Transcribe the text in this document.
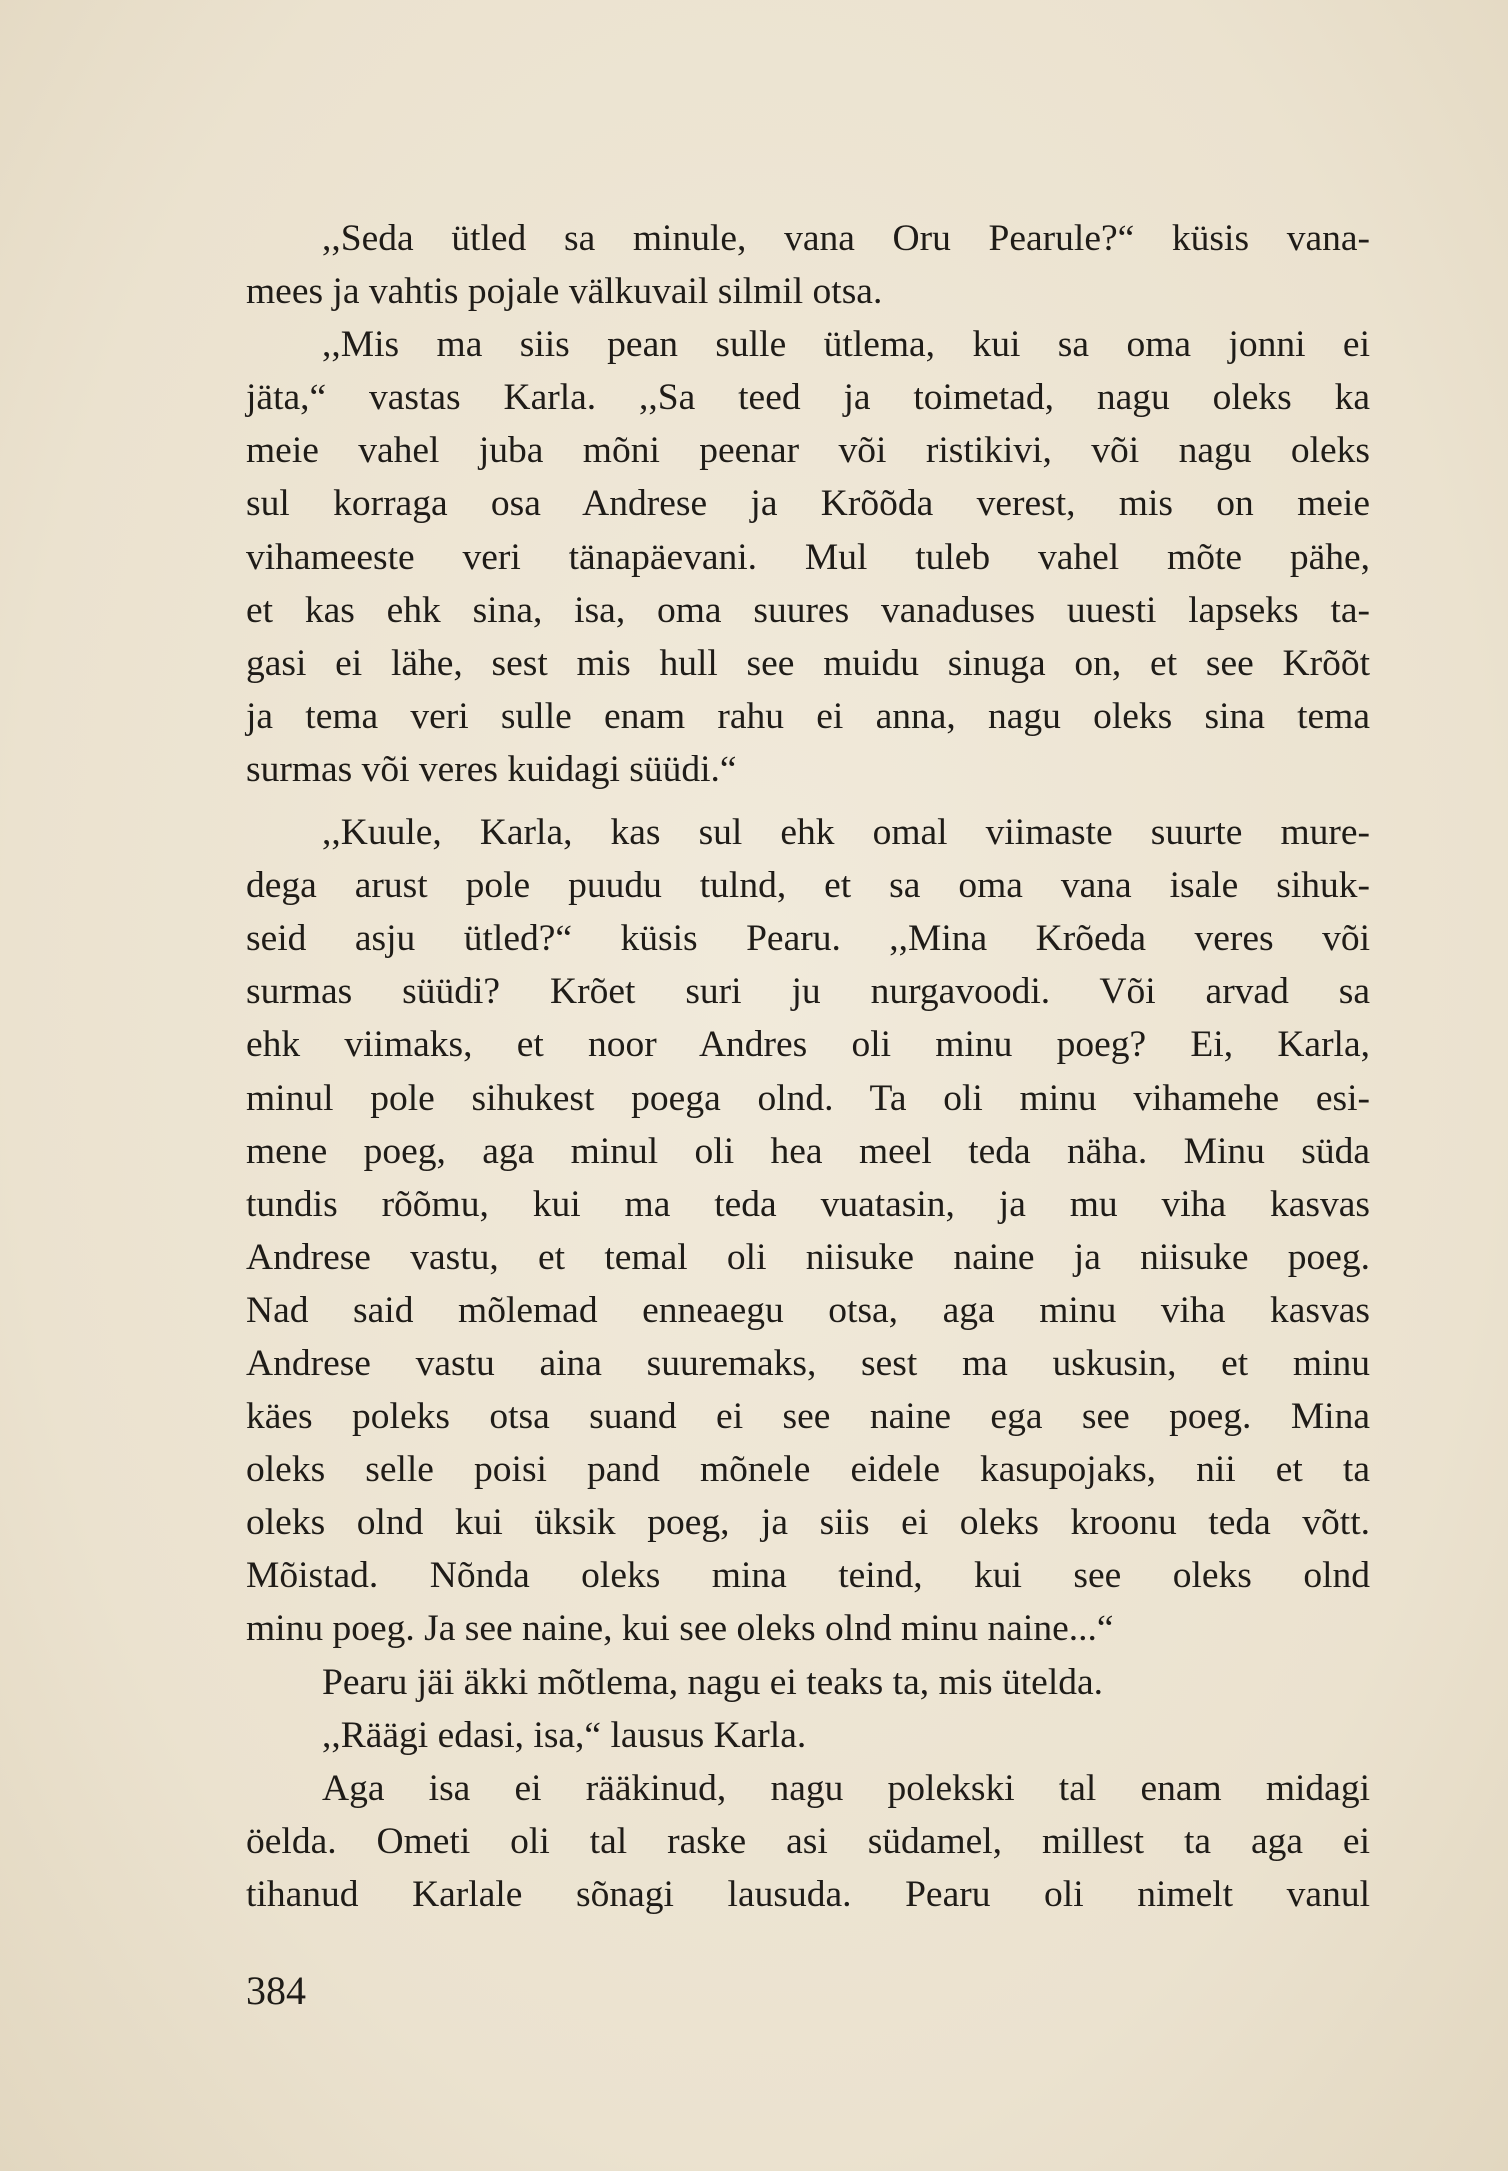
,,Seda ütled sa minule, vana Oru Pearule?“ küsis vana-
mees ja vahtis pojale välkuvail silmil otsa.
,,Mis ma siis pean sulle ütlema, kui sa oma jonni ei
jäta,“ vastas Karla. ,,Sa teed ja toimetad, nagu oleks ka
meie vahel juba mõni peenar või ristikivi, või nagu oleks
sul korraga osa Andrese ja Krõõda verest, mis on meie
vihameeste veri tänapäevani. Mul tuleb vahel mõte pähe,
et kas ehk sina, isa, oma suures vanaduses uuesti lapseks ta-
gasi ei lähe, sest mis hull see muidu sinuga on, et see Krõõt
ja tema veri sulle enam rahu ei anna, nagu oleks sina tema
surmas või veres kuidagi süüdi.“
,,Kuule, Karla, kas sul ehk omal viimaste suurte mure-
dega arust pole puudu tulnd, et sa oma vana isale sihuk-
seid asju ütled?“ küsis Pearu. ,,Mina Krõeda veres või
surmas süüdi? Krõet suri ju nurgavoodi. Või arvad sa
ehk viimaks, et noor Andres oli minu poeg? Ei, Karla,
minul pole sihukest poega olnd. Ta oli minu vihamehe esi-
mene poeg, aga minul oli hea meel teda näha. Minu süda
tundis rõõmu, kui ma teda vuatasin, ja mu viha kasvas
Andrese vastu, et temal oli niisuke naine ja niisuke poeg.
Nad said mõlemad enneaegu otsa, aga minu viha kasvas
Andrese vastu aina suuremaks, sest ma uskusin, et minu
käes poleks otsa suand ei see naine ega see poeg. Mina
oleks selle poisi pand mõnele eidele kasupojaks, nii et ta
oleks olnd kui üksik poeg, ja siis ei oleks kroonu teda võtt.
Mõistad. Nõnda oleks mina teind, kui see oleks olnd
minu poeg. Ja see naine, kui see oleks olnd minu naine...“
Pearu jäi äkki mõtlema, nagu ei teaks ta, mis ütelda.
,,Räägi edasi, isa,“ lausus Karla.
Aga isa ei rääkinud, nagu polekski tal enam midagi
öelda. Ometi oli tal raske asi südamel, millest ta aga ei
tihanud Karlale sõnagi lausuda. Pearu oli nimelt vanul
384
